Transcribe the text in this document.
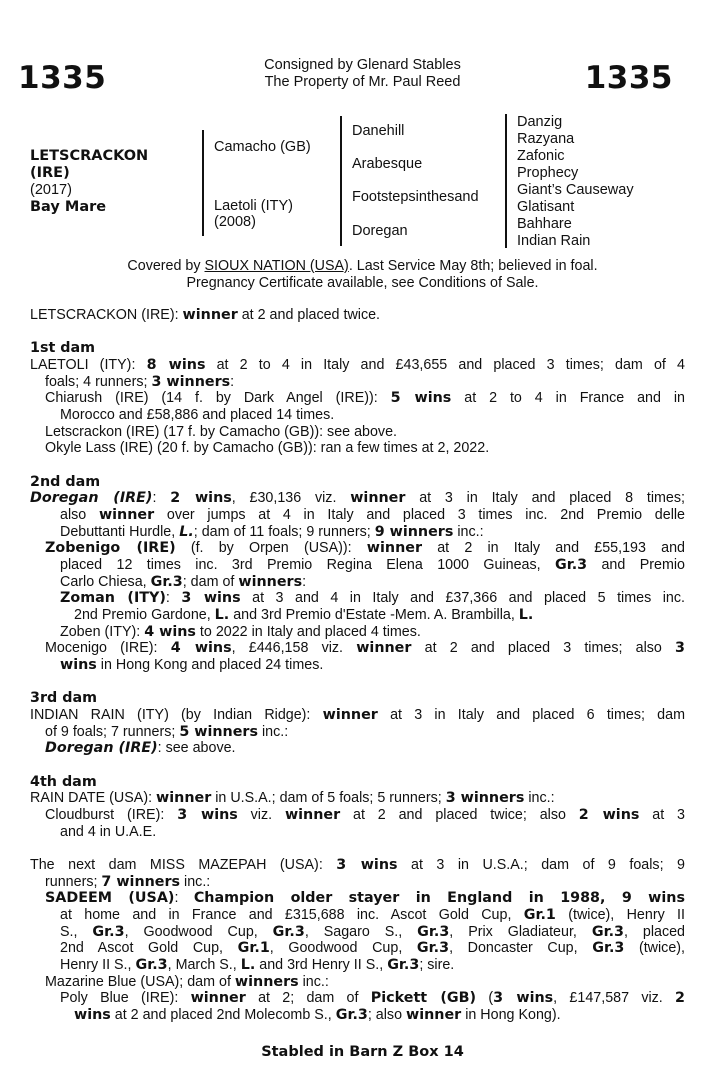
1335	Consigned by Glenard Stables
The Property of Mr. Paul Reed	1335
LETSCRACKON
(IRE)
(2017)
Bay Mare
Camacho (GB)
Laetoli (ITY)
(2008)
Danehill
Arabesque
Footstepsinthesand
Doregan
Danzig
Razyana
Zafonic
Prophecy
Giant’s Causeway
Glatisant
Bahhare
Indian Rain
Covered by SIOUX NATION (USA). Last Service May 8th; believed in foal.
Pregnancy Certificate available, see Conditions of Sale.
LETSCRACKON (IRE): winner at 2 and placed twice.
1st dam
LAETOLI (ITY): 8 wins at 2 to 4 in Italy and £43,655 and placed 3 times; dam of 4
foals; 4 runners; 3 winners:
Chiarush (IRE) (14 f. by Dark Angel (IRE)): 5 wins at 2 to 4 in France and in
Morocco and £58,886 and placed 14 times.
Letscrackon (IRE) (17 f. by Camacho (GB)): see above.
Okyle Lass (IRE) (20 f. by Camacho (GB)): ran a few times at 2, 2022.
2nd dam
Doregan (IRE): 2 wins, £30,136 viz. winner at 3 in Italy and placed 8 times;
also winner over jumps at 4 in Italy and placed 3 times inc. 2nd Premio delle
Debuttanti Hurdle, L.; dam of 11 foals; 9 runners; 9 winners inc.:
Zobenigo (IRE) (f. by Orpen (USA)): winner at 2 in Italy and £55,193 and
placed 12 times inc. 3rd Premio Regina Elena 1000 Guineas, Gr.3 and Premio
Carlo Chiesa, Gr.3; dam of winners:
Zoman (ITY): 3 wins at 3 and 4 in Italy and £37,366 and placed 5 times inc.
2nd Premio Gardone, L. and 3rd Premio d'Estate -Mem. A. Brambilla, L.
Zoben (ITY): 4 wins to 2022 in Italy and placed 4 times.
Mocenigo (IRE): 4 wins, £446,158 viz. winner at 2 and placed 3 times; also 3
wins in Hong Kong and placed 24 times.
3rd dam
INDIAN RAIN (ITY) (by Indian Ridge): winner at 3 in Italy and placed 6 times; dam
of 9 foals; 7 runners; 5 winners inc.:
Doregan (IRE): see above.
4th dam
RAIN DATE (USA): winner in U.S.A.; dam of 5 foals; 5 runners; 3 winners inc.:
Cloudburst (IRE): 3 wins viz. winner at 2 and placed twice; also 2 wins at 3
and 4 in U.A.E.
The next dam MISS MAZEPAH (USA): 3 wins at 3 in U.S.A.; dam of 9 foals; 9
runners; 7 winners inc.:
SADEEM (USA): Champion older stayer in England in 1988, 9 wins
at home and in France and £315,688 inc. Ascot Gold Cup, Gr.1 (twice), Henry II
S., Gr.3, Goodwood Cup, Gr.3, Sagaro S., Gr.3, Prix Gladiateur, Gr.3, placed
2nd Ascot Gold Cup, Gr.1, Goodwood Cup, Gr.3, Doncaster Cup, Gr.3 (twice),
Henry II S., Gr.3, March S., L. and 3rd Henry II S., Gr.3; sire.
Mazarine Blue (USA); dam of winners inc.:
Poly Blue (IRE): winner at 2; dam of Pickett (GB) (3 wins, £147,587 viz. 2
wins at 2 and placed 2nd Molecomb S., Gr.3; also winner in Hong Kong).
Stabled in Barn Z Box 14
